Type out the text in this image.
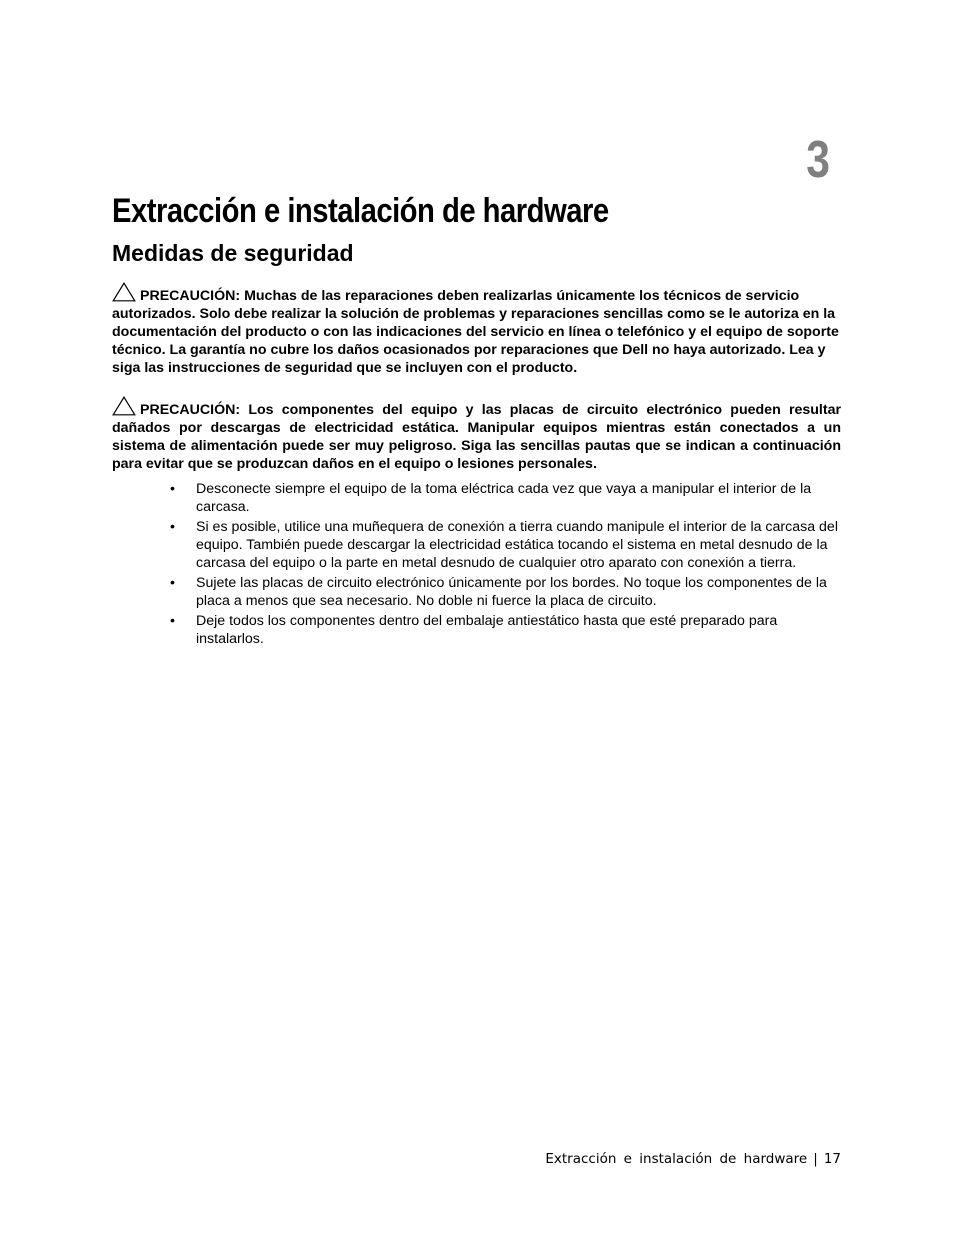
3
Extracción e instalación de hardware
Medidas de seguridad

PRECAUCIÓN: Muchas de las reparaciones deben realizarlas únicamente los técnicos de servicio autorizados. Solo debe realizar la solución de problemas y reparaciones sencillas como se le autoriza en la documentación del producto o con las indicaciones del servicio en línea o telefónico y el equipo de soporte técnico. La garantía no cubre los daños ocasionados por reparaciones que Dell no haya autorizado. Lea y siga las instrucciones de seguridad que se incluyen con el producto.

PRECAUCIÓN: Los componentes del equipo y las placas de circuito electrónico pueden resultar dañados por descargas de electricidad estática. Manipular equipos mientras están conectados a un sistema de alimentación puede ser muy peligroso. Siga las sencillas pautas que se indican a continuación para evitar que se produzcan daños en el equipo o lesiones personales.

• Desconecte siempre el equipo de la toma eléctrica cada vez que vaya a manipular el interior de la carcasa.
• Si es posible, utilice una muñequera de conexión a tierra cuando manipule el interior de la carcasa del equipo. También puede descargar la electricidad estática tocando el sistema en metal desnudo de la carcasa del equipo o la parte en metal desnudo de cualquier otro aparato con conexión a tierra.
• Sujete las placas de circuito electrónico únicamente por los bordes. No toque los componentes de la placa a menos que sea necesario. No doble ni fuerce la placa de circuito.
• Deje todos los componentes dentro del embalaje antiestático hasta que esté preparado para instalarlos.
Extracción e instalación de hardware | 17
